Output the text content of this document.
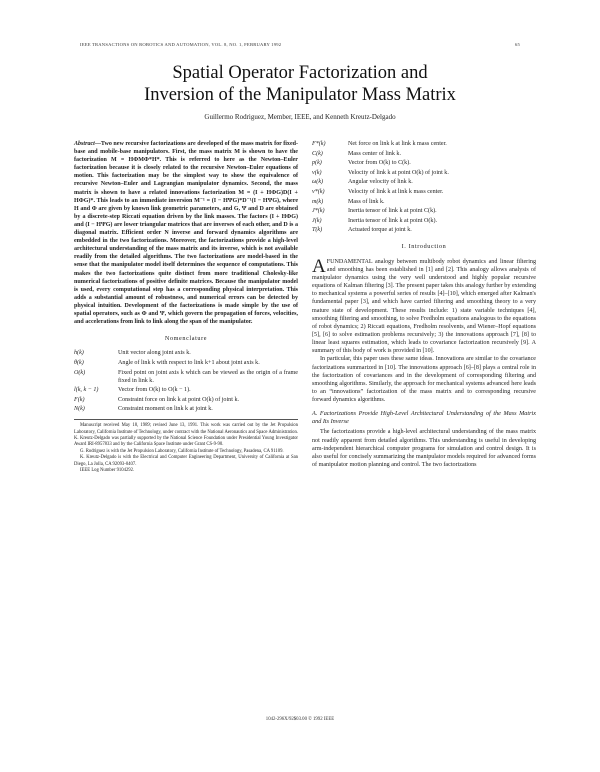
IEEE TRANSACTIONS ON ROBOTICS AND AUTOMATION, VOL. 8, NO. 1, FEBRUARY 1992	65
Spatial Operator Factorization and
Inversion of the Manipulator Mass Matrix
Guillermo Rodriguez, Member, IEEE, and Kenneth Kreutz-Delgado

Abstract—Two new recursive factorizations are developed of the mass matrix for fixed-base and mobile-base manipulators. First, the mass matrix M is shown to have the factorization M = HΦMΦ*H*. This is referred to here as the Newton–Euler factorization because it is closely related to the recursive Newton–Euler equations of motion. This factorization may be the simplest way to show the equivalence of recursive Newton–Euler and Lagrangian manipulator dynamics. Second, the mass matrix is shown to have a related innovations factorization M = (I + HΦG)D(I + HΦG)*. This leads to an immediate inversion M⁻¹ = (I − HΨG)*D⁻¹(I − HΨG), where H and Φ are given by known link geometric parameters, and G, Ψ and D are obtained by a discrete-step Riccati equation driven by the link masses. The factors (I + HΦG) and (I − HΨG) are lower triangular matrices that are inverses of each other, and D is a diagonal matrix. Efficient order N inverse and forward dynamics algorithms are embedded in the two factorizations. Moreover, the factorizations provide a high-level architectural understanding of the mass matrix and its inverse, which is not available readily from the detailed algorithms. The two factorizations are model-based in the sense that the manipulator model itself determines the sequence of computations. This makes the two factorizations quite distinct from more traditional Cholesky-like numerical factorizations of positive definite matrices. Because the manipulator model is used, every computational step has a corresponding physical interpretation. This adds a substantial amount of robustness, and numerical errors can be detected by physical intuition. Development of the factorizations is made simple by the use of spatial operators, such as Φ and Ψ, which govern the propagation of forces, velocities, and accelerations from link to link along the span of the manipulator.

Nomenclature
h(k)	Unit vector along joint axis k.
θ(k)	Angle of link k with respect to link k+1 about joint axis k.
O(k)	Fixed point on joint axis k which can be viewed as the origin of a frame fixed in link k.
l(k, k − 1)	Vector from O(k) to O(k − 1).
F(k)	Constraint force on link k at point O(k) of joint k.
N(k)	Constraint moment on link k at joint k.

Manuscript received May 18, 1989; revised June 13, 1991. This work was carried out by the Jet Propulsion Laboratory, California Institute of Technology, under contract with the National Aeronautics and Space Administration. K. Kreutz-Delgado was partially supported by the National Science Foundation under Presidential Young Investigator Award IRI-8957833 and by the California Space Institute under Grant CS-9-90.

G. Rodriguez is with the Jet Propulsion Laboratory, California Institute of Technology, Pasadena, CA 91109.

K. Kreutz-Delgado is with the Electrical and Computer Engineering Department, University of California at San Diego, La Jolla, CA 92093-0407.

IEEE Log Number 9104292.

F*(k)	Net force on link k at link k mass center.
C(k)	Mass center of link k.
p(k)	Vector from O(k) to C(k).
v(k)	Velocity of link k at point O(k) of joint k.
ω(k)	Angular velocity of link k.
v*(k)	Velocity of link k at link k mass center.
m(k)	Mass of link k.
J*(k)	Inertia tensor of link k at point C(k).
J(k)	Inertia tensor of link k at point O(k).
T(k)	Actuated torque at joint k.
I. Introduction

AFUNDAMENTAL analogy between multibody robot dynamics and linear filtering and smoothing has been established in [1] and [2]. This analogy allows analysis of manipulator dynamics using the very well understood and highly popular recursive equations of Kalman filtering [3]. The present paper takes this analogy further by extending to mechanical systems a powerful series of results [4]–[10], which emerged after Kalman's fundamental paper [3], and which have carried filtering and smoothing theory to a very mature state of development. These results include: 1) state variable techniques [4], smoothing filtering and smoothing, to solve Fredholm equations analogous to the equations of robot dynamics; 2) Riccati equations, Fredholm resolvents, and Wiener–Hopf equations [5], [6] to solve estimation problems recursively; 3) the innovations approach [7], [8] to linear least squares estimation, which leads to covariance factorization recursively [9]. A summary of this body of work is provided in [10].

In particular, this paper uses these same ideas. Innovations are similar to the covariance factorizations summarized in [10]. The innovations approach [6]–[8] plays a central role in the factorization of covariances and in the development of corresponding filtering and smoothing algorithms. Similarly, the approach for mechanical systems advanced here leads to an “innovations” factorization of the mass matrix and to corresponding recursive forward dynamics algorithms.

A. Factorizations Provide High-Level Architectural Understanding of the Mass Matrix and Its Inverse

The factorizations provide a high-level architectural understanding of the mass matrix not readily apparent from detailed algorithms. This understanding is useful in developing arm-independent hierarchical computer programs for simulation and control design. It is also useful for concisely summarizing the manipulator models required for advanced forms of manipulator motion planning and control. The two factorizations

1042-296X/92$03.00 © 1992 IEEE
